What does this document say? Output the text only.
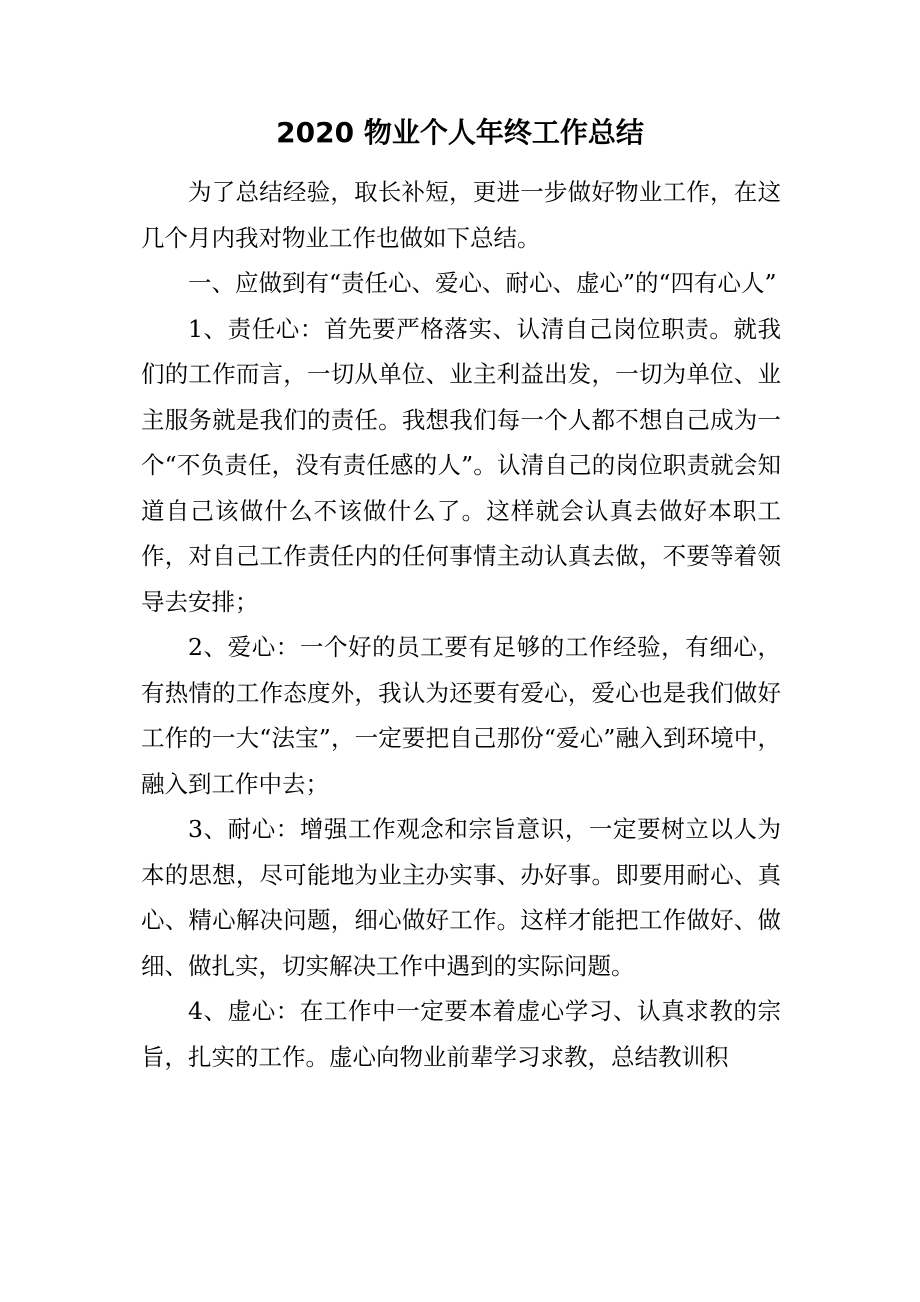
2020 物业个人年终工作总结

为了总结经验，取长补短，更进一步做好物业工作，在这几个月内我对物业工作也做如下总结。

一、应做到有“责任心、爱心、耐心、虚心”的“四有心人”

1、责任心：首先要严格落实、认清自己岗位职责。就我们的工作而言，一切从单位、业主利益出发，一切为单位、业主服务就是我们的责任。我想我们每一个人都不想自己成为一个“不负责任，没有责任感的人”。认清自己的岗位职责就会知道自己该做什么不该做什么了。这样就会认真去做好本职工作，对自己工作责任内的任何事情主动认真去做，不要等着领导去安排；

2、爱心：一个好的员工要有足够的工作经验，有细心，有热情的工作态度外，我认为还要有爱心，爱心也是我们做好工作的一大“法宝”，一定要把自己那份“爱心”融入到环境中，融入到工作中去；

3、耐心：增强工作观念和宗旨意识，一定要树立以人为本的思想，尽可能地为业主办实事、办好事。即要用耐心、真心、精心解决问题，细心做好工作。这样才能把工作做好、做细、做扎实，切实解决工作中遇到的实际问题。

4、虚心：在工作中一定要本着虚心学习、认真求教的宗旨，扎实的工作。虚心向物业前辈学习求教，总结教训积
